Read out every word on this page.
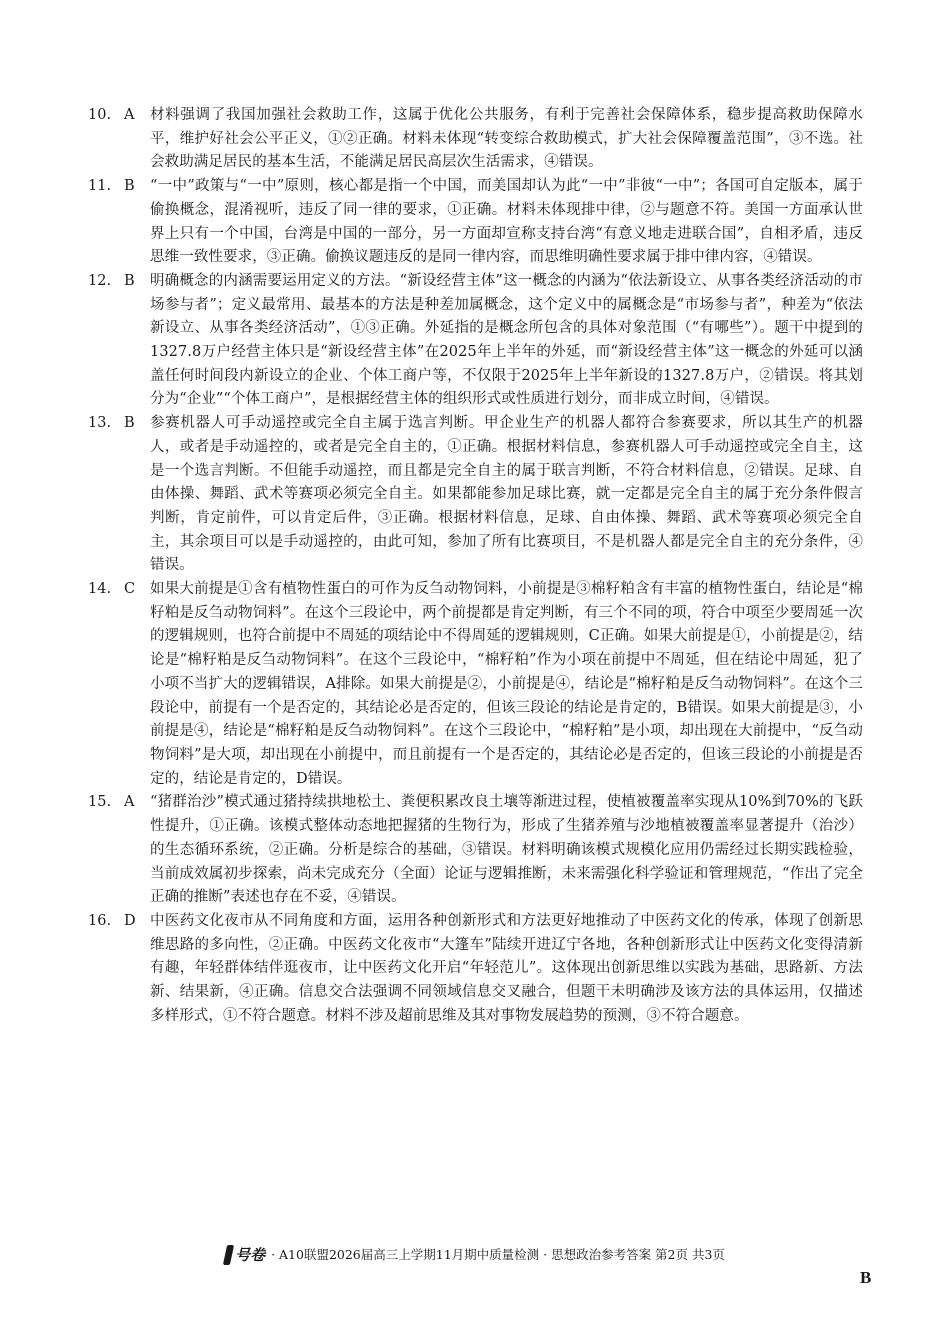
10. A	材料强调了我国加强社会救助工作，这属于优化公共服务，有利于完善社会保障体系，稳步提高救助保障水平，维护好社会公平正义，①②正确。材料未体现“转变综合救助模式，扩大社会保障覆盖范围”，③不选。社会救助满足居民的基本生活，不能满足居民高层次生活需求，④错误。
11. B	“一中”政策与“一中”原则，核心都是指一个中国，而美国却认为此“一中”非彼“一中”；各国可自定版本，属于偷换概念，混淆视听，违反了同一律的要求，①正确。材料未体现排中律，②与题意不符。美国一方面承认世界上只有一个中国，台湾是中国的一部分，另一方面却宣称支持台湾“有意义地走进联合国”，自相矛盾，违反思维一致性要求，③正确。偷换议题违反的是同一律内容，而思维明确性要求属于排中律内容，④错误。
12. B	明确概念的内涵需要运用定义的方法。“新设经营主体”这一概念的内涵为“依法新设立、从事各类经济活动的市场参与者”；定义最常用、最基本的方法是种差加属概念，这个定义中的属概念是“市场参与者”，种差为“依法新设立、从事各类经济活动”，①③正确。外延指的是概念所包含的具体对象范围（“有哪些”）。题干中提到的1327.8万户经营主体只是“新设经营主体”在2025年上半年的外延，而“新设经营主体”这一概念的外延可以涵盖任何时间段内新设立的企业、个体工商户等，不仅限于2025年上半年新设的1327.8万户，②错误。将其划分为“企业”“个体工商户”，是根据经营主体的组织形式或性质进行划分，而非成立时间，④错误。
13. B	参赛机器人可手动遥控或完全自主属于选言判断。甲企业生产的机器人都符合参赛要求，所以其生产的机器人，或者是手动遥控的，或者是完全自主的，①正确。根据材料信息，参赛机器人可手动遥控或完全自主，这是一个选言判断。不但能手动遥控，而且都是完全自主的属于联言判断，不符合材料信息，②错误。足球、自由体操、舞蹈、武术等赛项必须完全自主。如果都能参加足球比赛，就一定都是完全自主的属于充分条件假言判断，肯定前件，可以肯定后件，③正确。根据材料信息，足球、自由体操、舞蹈、武术等赛项必须完全自主，其余项目可以是手动遥控的，由此可知，参加了所有比赛项目，不是机器人都是完全自主的充分条件，④错误。
14. C	如果大前提是①含有植物性蛋白的可作为反刍动物饲料，小前提是③棉籽粕含有丰富的植物性蛋白，结论是“棉籽粕是反刍动物饲料”。在这个三段论中，两个前提都是肯定判断，有三个不同的项，符合中项至少要周延一次的逻辑规则，也符合前提中不周延的项结论中不得周延的逻辑规则，C正确。如果大前提是①，小前提是②，结论是“棉籽粕是反刍动物饲料”。在这个三段论中，“棉籽粕”作为小项在前提中不周延，但在结论中周延，犯了小项不当扩大的逻辑错误，A排除。如果大前提是②，小前提是④，结论是“棉籽粕是反刍动物饲料”。在这个三段论中，前提有一个是否定的，其结论必是否定的，但该三段论的结论是肯定的，B错误。如果大前提是③，小前提是④，结论是“棉籽粕是反刍动物饲料”。在这个三段论中，“棉籽粕”是小项，却出现在大前提中，“反刍动物饲料”是大项，却出现在小前提中，而且前提有一个是否定的，其结论必是否定的，但该三段论的小前提是否定的，结论是肯定的，D错误。
15. A	“猪群治沙”模式通过猪持续拱地松土、粪便积累改良土壤等渐进过程，使植被覆盖率实现从10%到70%的飞跃性提升，①正确。该模式整体动态地把握猪的生物行为，形成了生猪养殖与沙地植被覆盖率显著提升（治沙）的生态循环系统，②正确。分析是综合的基础，③错误。材料明确该模式规模化应用仍需经过长期实践检验，当前成效属初步探索，尚未完成充分（全面）论证与逻辑推断，未来需强化科学验证和管理规范，“作出了完全正确的推断”表述也存在不妥，④错误。
16. D 中医药文化夜市从不同角度和方面，运用各种创新形式和方法更好地推动了中医药文化的传承，体现了创新思维思路的多向性，②正确。中医药文化夜市“大篷车”陆续开进辽宁各地，各种创新形式让中医药文化变得清新有趣，年轻群体结伴逛夜市，让中医药文化开启“年轻范儿”。这体现出创新思维以实践为基础，思路新、方法新、结果新，④正确。信息交合法强调不同领域信息交叉融合，但题干未明确涉及该方法的具体运用，仅描述多样形式，①不符合题意。材料不涉及超前思维及其对事物发展趋势的预测，③不符合题意。
号卷 · A10联盟2026届高三上学期11月期中质量检测 · 思想政治参考答案 第2页 共3页
B
